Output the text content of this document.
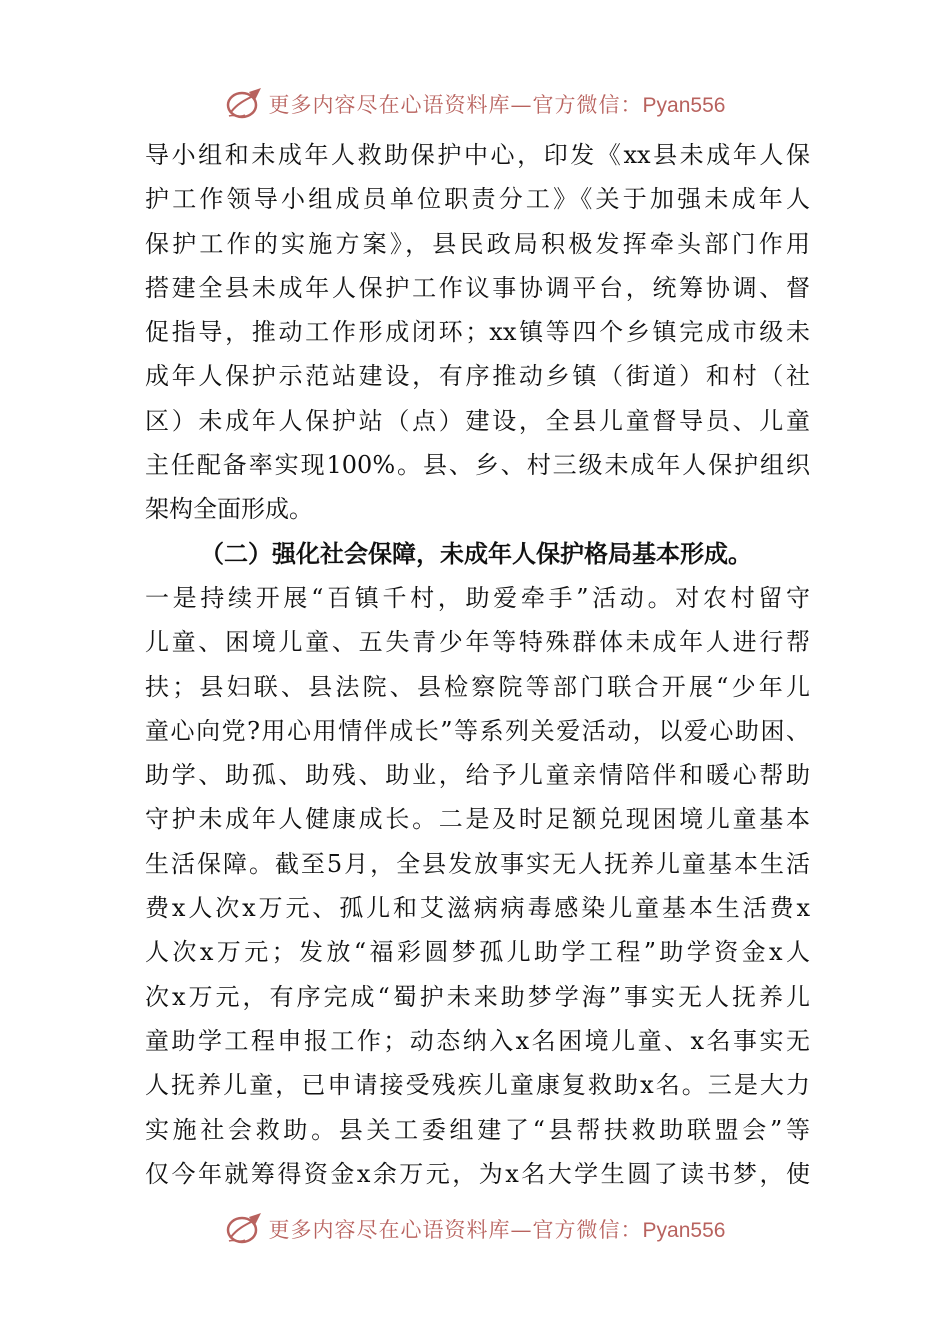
更多内容尽在心语资料库—官方微信：Pyan556
导小组和未成年人救助保护中心，印发《xx县未成年人保
护工作领导小组成员单位职责分工》《关于加强未成年人
保护工作的实施方案》，县民政局积极发挥牵头部门作用
搭建全县未成年人保护工作议事协调平台，统筹协调、督
促指导，推动工作形成闭环；xx镇等四个乡镇完成市级未
成年人保护示范站建设，有序推动乡镇（街道）和村（社
区）未成年人保护站（点）建设，全县儿童督导员、儿童
主任配备率实现100%。县、乡、村三级未成年人保护组织
架构全面形成。
（二）强化社会保障，未成年人保护格局基本形成。
一是持续开展“百镇千村，助爱牵手”活动。对农村留守
儿童、困境儿童、五失青少年等特殊群体未成年人进行帮
扶；县妇联、县法院、县检察院等部门联合开展“少年儿
童心向党?用心用情伴成长”等系列关爱活动，以爱心助困、
助学、助孤、助残、助业，给予儿童亲情陪伴和暖心帮助
守护未成年人健康成长。二是及时足额兑现困境儿童基本
生活保障。截至5月，全县发放事实无人抚养儿童基本生活
费x人次x万元、孤儿和艾滋病病毒感染儿童基本生活费x
人次x万元；发放“福彩圆梦孤儿助学工程”助学资金x人
次x万元，有序完成“蜀护未来助梦学海”事实无人抚养儿
童助学工程申报工作；动态纳入x名困境儿童、x名事实无
人抚养儿童，已申请接受残疾儿童康复救助x名。三是大力
实施社会救助。县关工委组建了“县帮扶救助联盟会”等
仅今年就筹得资金x余万元，为x名大学生圆了读书梦，使
更多内容尽在心语资料库—官方微信：Pyan556
